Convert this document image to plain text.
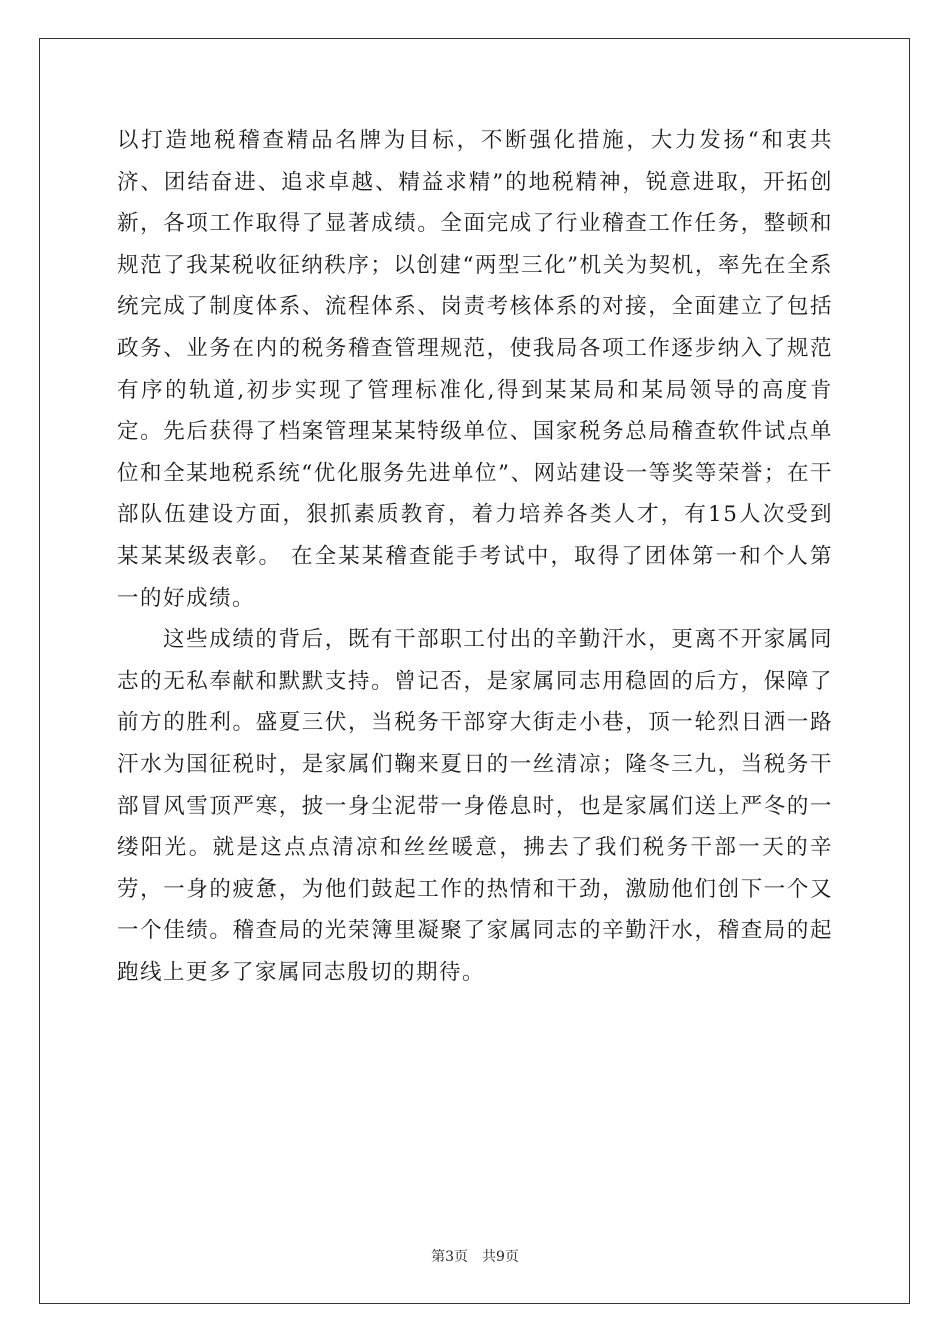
以打造地税稽查精品名牌为目标，不断强化措施，大力发扬“和衷共济、团结奋进、追求卓越、精益求精”的地税精神，锐意进取，开拓创新，各项工作取得了显著成绩。全面完成了行业稽查工作任务，整顿和规范了我某税收征纳秩序；以创建“两型三化”机关为契机，率先在全系统完成了制度体系、流程体系、岗责考核体系的对接，全面建立了包括政务、业务在内的税务稽查管理规范，使我局各项工作逐步纳入了规范有序的轨道,初步实现了管理标准化,得到某某局和某局领导的高度肯定。先后获得了档案管理某某特级单位、国家税务总局稽查软件试点单位和全某地税系统“优化服务先进单位”、网站建设一等奖等荣誉；在干部队伍建设方面，狠抓素质教育，着力培养各类人才，有15人次受到某某某级表彰。 在全某某稽查能手考试中，取得了团体第一和个人第一的好成绩。

这些成绩的背后，既有干部职工付出的辛勤汗水，更离不开家属同志的无私奉献和默默支持。曾记否，是家属同志用稳固的后方，保障了前方的胜利。盛夏三伏，当税务干部穿大街走小巷，顶一轮烈日洒一路汗水为国征税时，是家属们鞠来夏日的一丝清凉；隆冬三九，当税务干部冒风雪顶严寒，披一身尘泥带一身倦息时，也是家属们送上严冬的一缕阳光。就是这点点清凉和丝丝暖意，拂去了我们税务干部一天的辛劳，一身的疲惫，为他们鼓起工作的热情和干劲，激励他们创下一个又一个佳绩。稽查局的光荣簿里凝聚了家属同志的辛勤汗水，稽查局的起跑线上更多了家属同志殷切的期待。

第3页 共9页
